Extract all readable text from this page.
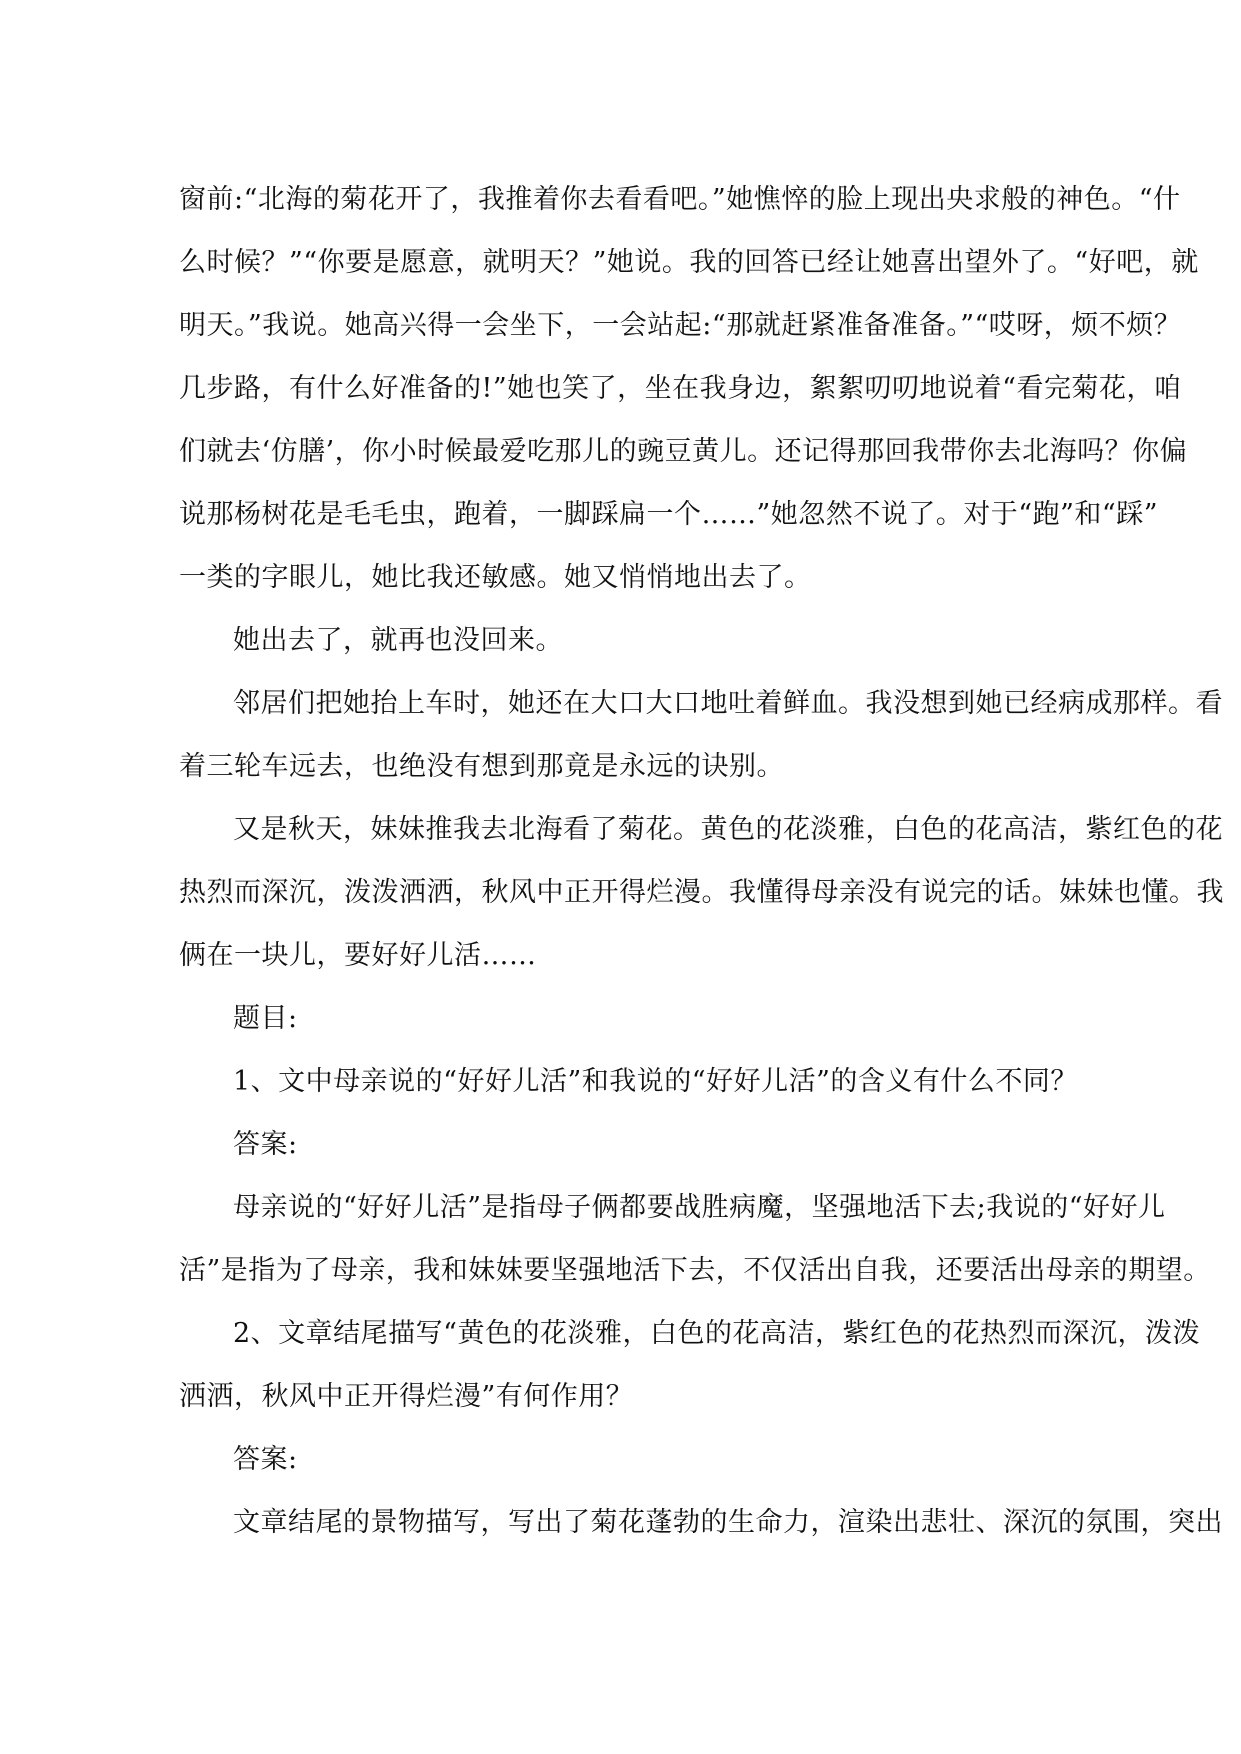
窗前:“北海的菊花开了，我推着你去看看吧。”她憔悴的脸上现出央求般的神色。“什
么时候？”“你要是愿意，就明天？”她说。我的回答已经让她喜出望外了。“好吧，就
明天。”我说。她高兴得一会坐下，一会站起:“那就赶紧准备准备。”“哎呀，烦不烦？
几步路，有什么好准备的!”她也笑了，坐在我身边，絮絮叨叨地说着“看完菊花，咱
们就去‘仿膳’，你小时候最爱吃那儿的豌豆黄儿。还记得那回我带你去北海吗？你偏
说那杨树花是毛毛虫，跑着，一脚踩扁一个……”她忽然不说了。对于“跑”和“踩”
一类的字眼儿，她比我还敏感。她又悄悄地出去了。
她出去了，就再也没回来。
邻居们把她抬上车时，她还在大口大口地吐着鲜血。我没想到她已经病成那样。看
着三轮车远去，也绝没有想到那竟是永远的诀别。
又是秋天，妹妹推我去北海看了菊花。黄色的花淡雅，白色的花高洁，紫红色的花
热烈而深沉，泼泼洒洒，秋风中正开得烂漫。我懂得母亲没有说完的话。妹妹也懂。我
俩在一块儿，要好好儿活……
题目:
1、文中母亲说的“好好儿活”和我说的“好好儿活”的含义有什么不同？
答案:
母亲说的“好好儿活”是指母子俩都要战胜病魔，坚强地活下去;我说的“好好儿
活”是指为了母亲，我和妹妹要坚强地活下去，不仅活出自我，还要活出母亲的期望。
2、文章结尾描写“黄色的花淡雅，白色的花高洁，紫红色的花热烈而深沉，泼泼
洒洒，秋风中正开得烂漫”有何作用？
答案:
文章结尾的景物描写，写出了菊花蓬勃的生命力，渲染出悲壮、深沉的氛围，突出
